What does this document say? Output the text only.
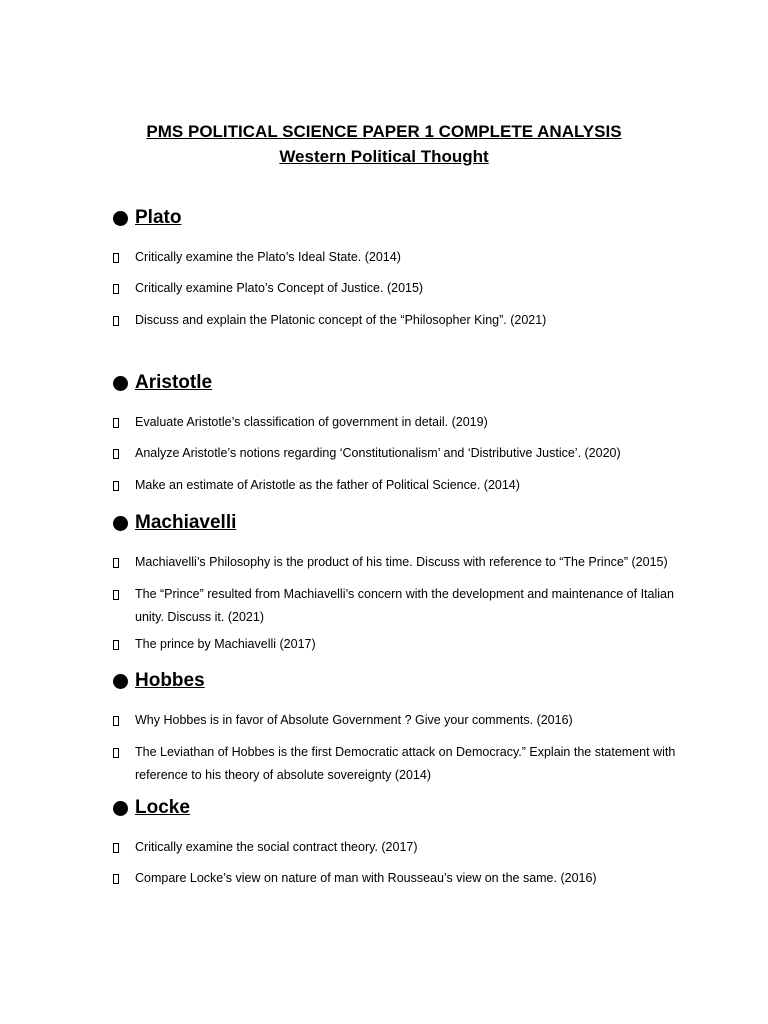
PMS POLITICAL SCIENCE PAPER 1 COMPLETE ANALYSIS
Western Political Thought
Plato
Critically examine the Plato’s Ideal State. (2014)
Critically examine Plato’s Concept of Justice. (2015)
Discuss and explain the Platonic concept of the “Philosopher King”. (2021)
Aristotle
Evaluate Aristotle’s classification of government in detail. (2019)
Analyze Aristotle’s notions regarding ‘Constitutionalism’ and ‘Distributive Justice’. (2020)
Make an estimate of Aristotle as the father of Political Science. (2014)
Machiavelli
Machiavelli’s Philosophy is the product of his time. Discuss with reference to “The Prince” (2015)
The “Prince” resulted from Machiavelli’s concern with the development and maintenance of Italian unity. Discuss it. (2021)
The prince by Machiavelli (2017)
Hobbes
Why Hobbes is in favor of Absolute Government ? Give your comments. (2016)
The Leviathan of Hobbes is the first Democratic attack on Democracy.” Explain the statement with reference to his theory of absolute sovereignty (2014)
Locke
Critically examine the social contract theory. (2017)
Compare Locke’s view on nature of man with Rousseau’s view on the same. (2016)
